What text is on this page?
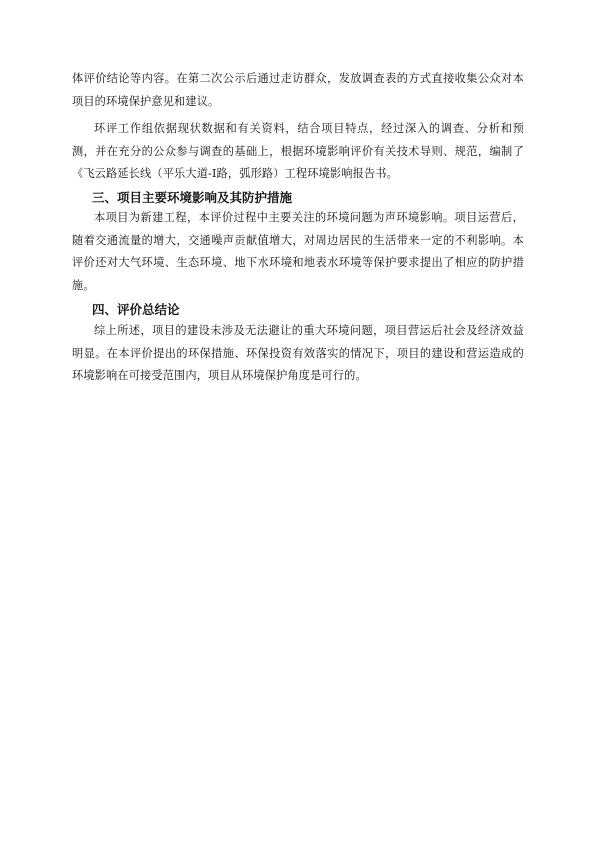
体评价结论等内容。在第二次公示后通过走访群众，发放调查表的方式直接收集公众对本项目的环境保护意见和建议。

环评工作组依据现状数据和有关资料，结合项目特点，经过深入的调查、分析和预测，并在充分的公众参与调查的基础上，根据环境影响评价有关技术导则、规范，编制了《飞云路延长线（平乐大道-Ⅰ路，弧形路）工程环境影响报告书。

三、项目主要环境影响及其防护措施

本项目为新建工程，本评价过程中主要关注的环境问题为声环境影响。项目运营后，随着交通流量的增大，交通噪声贡献值增大，对周边居民的生活带来一定的不利影响。本评价还对大气环境、生态环境、地下水环境和地表水环境等保护要求提出了相应的防护措施。

四、评价总结论

综上所述，项目的建设未涉及无法避让的重大环境问题，项目营运后社会及经济效益明显。在本评价提出的环保措施、环保投资有效落实的情况下，项目的建设和营运造成的环境影响在可接受范围内，项目从环境保护角度是可行的。
